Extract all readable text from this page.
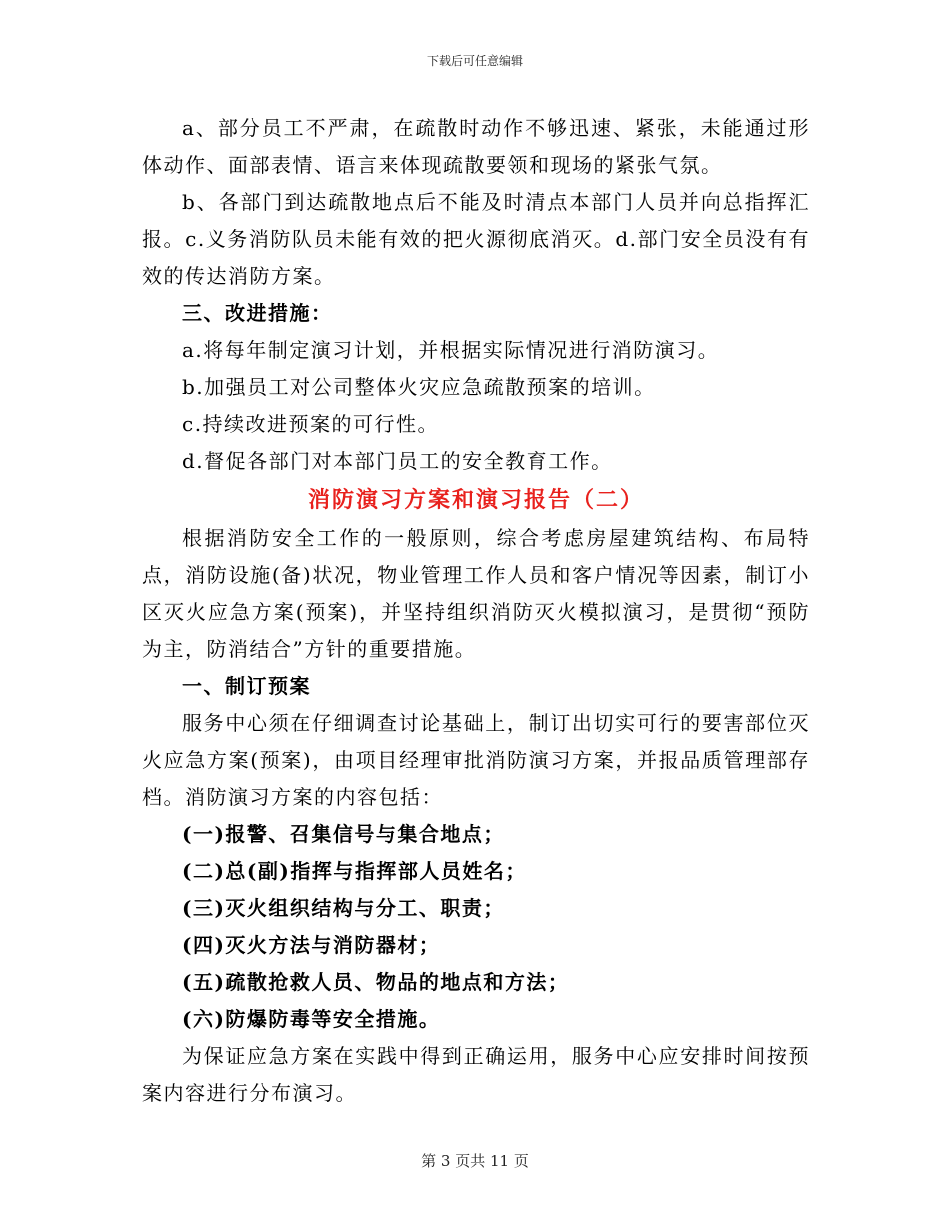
下载后可任意编辑

a、部分员工不严肃，在疏散时动作不够迅速、紧张，未能通过形体动作、面部表情、语言来体现疏散要领和现场的紧张气氛。

b、各部门到达疏散地点后不能及时清点本部门人员并向总指挥汇报。c.义务消防队员未能有效的把火源彻底消灭。d.部门安全员没有有效的传达消防方案。

三、改进措施：

a.将每年制定演习计划，并根据实际情况进行消防演习。

b.加强员工对公司整体火灾应急疏散预案的培训。

c.持续改进预案的可行性。

d.督促各部门对本部门员工的安全教育工作。

消防演习方案和演习报告（二）

根据消防安全工作的一般原则，综合考虑房屋建筑结构、布局特点，消防设施(备)状况，物业管理工作人员和客户情况等因素，制订小区灭火应急方案(预案)，并坚持组织消防灭火模拟演习，是贯彻“预防为主，防消结合”方针的重要措施。

一、制订预案

服务中心须在仔细调查讨论基础上，制订出切实可行的要害部位灭火应急方案(预案)，由项目经理审批消防演习方案，并报品质管理部存档。消防演习方案的内容包括：

(一)报警、召集信号与集合地点；

(二)总(副)指挥与指挥部人员姓名；

(三)灭火组织结构与分工、职责；

(四)灭火方法与消防器材；

(五)疏散抢救人员、物品的地点和方法；

(六)防爆防毒等安全措施。

为保证应急方案在实践中得到正确运用，服务中心应安排时间按预案内容进行分布演习。

第 3 页共 11 页
